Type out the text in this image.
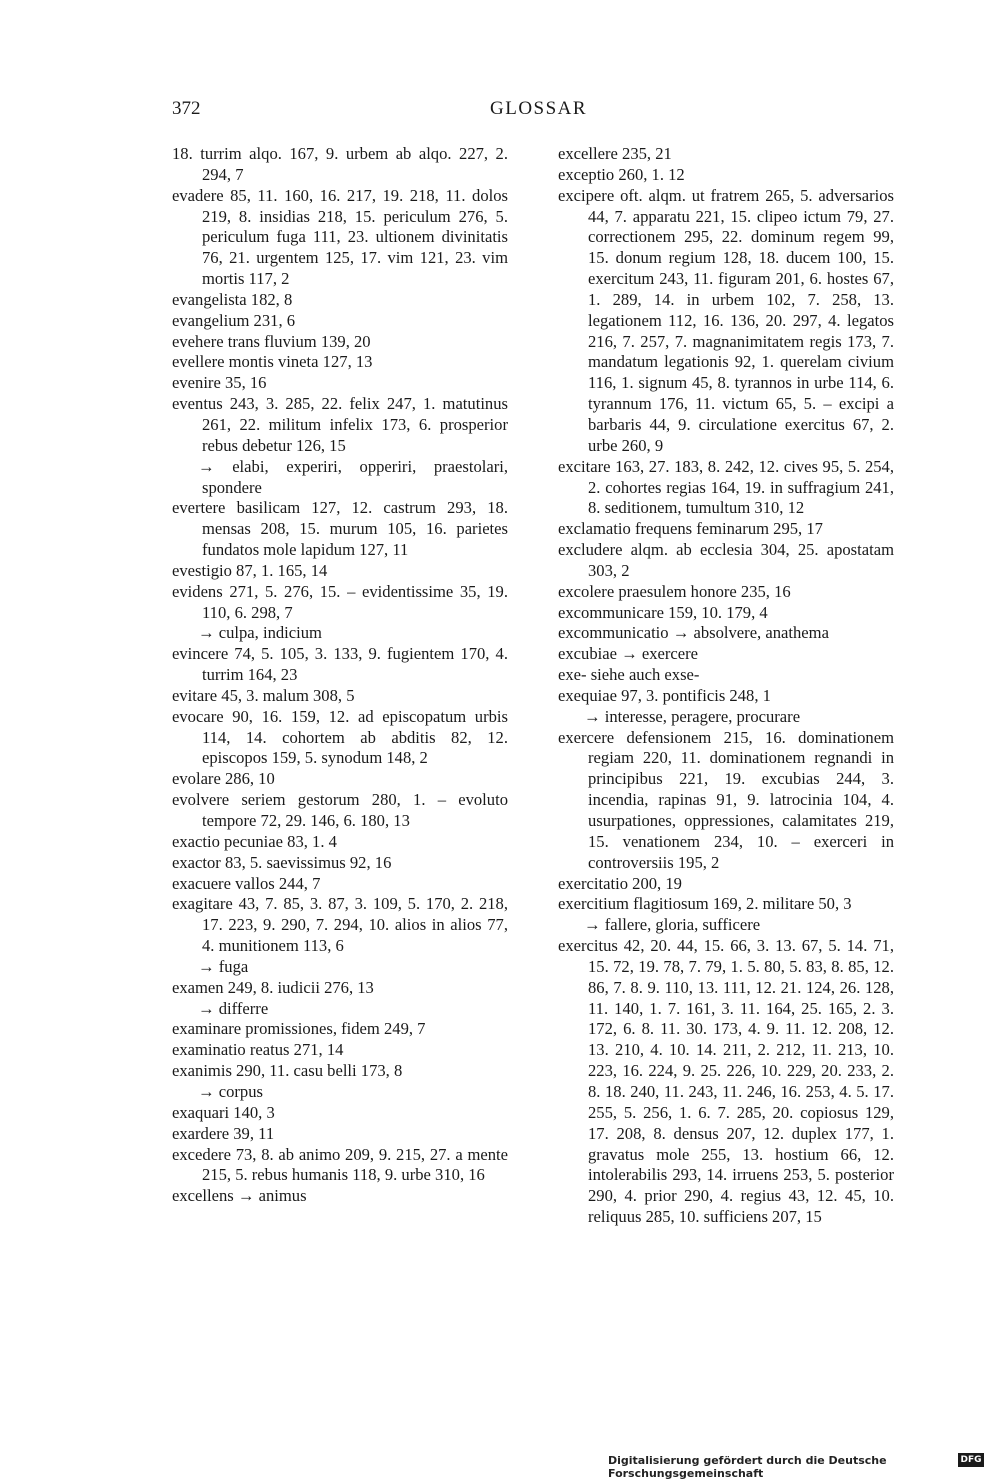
372	GLOSSAR

18. turrim alqo. 167, 9. urbem ab alqo. 227, 2. 294, 7

evadere 85, 11. 160, 16. 217, 19. 218, 11. dolos 219, 8. insidias 218, 15. periculum 276, 5. periculum fuga 111, 23. ultionem divinitatis 76, 21. urgentem 125, 17. vim 121, 23. vim mortis 117, 2

evangelista 182, 8

evangelium 231, 6

evehere trans fluvium 139, 20

evellere montis vineta 127, 13

evenire 35, 16

eventus 243, 3. 285, 22. felix 247, 1. matutinus 261, 22. militum infelix 173, 6. prosperior rebus debetur 126, 15

→ elabi, experiri, opperiri, praestolari, spondere

evertere basilicam 127, 12. castrum 293, 18. mensas 208, 15. murum 105, 16. parietes fundatos mole lapidum 127, 11

evestigio 87, 1. 165, 14

evidens 271, 5. 276, 15. – evidentissime 35, 19. 110, 6. 298, 7

→ culpa, indicium

evincere 74, 5. 105, 3. 133, 9. fugientem 170, 4. turrim 164, 23

evitare 45, 3. malum 308, 5

evocare 90, 16. 159, 12. ad episcopatum urbis 114, 14. cohortem ab abditis 82, 12. episcopos 159, 5. synodum 148, 2

evolare 286, 10

evolvere seriem gestorum 280, 1. – evoluto tempore 72, 29. 146, 6. 180, 13

exactio pecuniae 83, 1. 4

exactor 83, 5. saevissimus 92, 16

exacuere vallos 244, 7

exagitare 43, 7. 85, 3. 87, 3. 109, 5. 170, 2. 218, 17. 223, 9. 290, 7. 294, 10. alios in alios 77, 4. munitionem 113, 6

→ fuga

examen 249, 8. iudicii 276, 13

→ differre

examinare promissiones, fidem 249, 7

examinatio reatus 271, 14

exanimis 290, 11. casu belli 173, 8

→ corpus

exaquari 140, 3

exardere 39, 11

excedere 73, 8. ab animo 209, 9. 215, 27. a mente 215, 5. rebus humanis 118, 9. urbe 310, 16

excellens → animus

excellere 235, 21

exceptio 260, 1. 12

excipere oft. alqm. ut fratrem 265, 5. adversarios 44, 7. apparatu 221, 15. clipeo ictum 79, 27. correctionem 295, 22. dominum regem 99, 15. donum regium 128, 18. ducem 100, 15. exercitum 243, 11. figuram 201, 6. hostes 67, 1. 289, 14. in urbem 102, 7. 258, 13. legationem 112, 16. 136, 20. 297, 4. legatos 216, 7. 257, 7. magnanimitatem regis 173, 7. mandatum legationis 92, 1. querelam civium 116, 1. signum 45, 8. tyrannos in urbe 114, 6. tyrannum 176, 11. victum 65, 5. – excipi a barbaris 44, 9. circulatione exercitus 67, 2. urbe 260, 9

excitare 163, 27. 183, 8. 242, 12. cives 95, 5. 254, 2. cohortes regias 164, 19. in suffragium 241, 8. seditionem, tumultum 310, 12

exclamatio frequens feminarum 295, 17

excludere alqm. ab ecclesia 304, 25. apostatam 303, 2

excolere praesulem honore 235, 16

excommunicare 159, 10. 179, 4

excommunicatio → absolvere, anathema

excubiae → exercere

exe- siehe auch exse-

exequiae 97, 3. pontificis 248, 1

→ interesse, peragere, procurare

exercere defensionem 215, 16. dominationem regiam 220, 11. dominationem regnandi in principibus 221, 19. excubias 244, 3. incendia, rapinas 91, 9. latrocinia 104, 4. usurpationes, oppressiones, calamitates 219, 15. venationem 234, 10. – exerceri in controversiis 195, 2

exercitatio 200, 19

exercitium flagitiosum 169, 2. militare 50, 3

→ fallere, gloria, sufficere

exercitus 42, 20. 44, 15. 66, 3. 13. 67, 5. 14. 71, 15. 72, 19. 78, 7. 79, 1. 5. 80, 5. 83, 8. 85, 12. 86, 7. 8. 9. 110, 13. 111, 12. 21. 124, 26. 128, 11. 140, 1. 7. 161, 3. 11. 164, 25. 165, 2. 3. 172, 6. 8. 11. 30. 173, 4. 9. 11. 12. 208, 12. 13. 210, 4. 10. 14. 211, 2. 212, 11. 213, 10. 223, 16. 224, 9. 25. 226, 10. 229, 20. 233, 2. 8. 18. 240, 11. 243, 11. 246, 16. 253, 4. 5. 17. 255, 5. 256, 1. 6. 7. 285, 20. copiosus 129, 17. 208, 8. densus 207, 12. duplex 177, 1. gravatus mole 255, 13. hostium 66, 12. intolerabilis 293, 14. irruens 253, 5. posterior 290, 4. prior 290, 4. regius 43, 12. 45, 10. reliquus 285, 10. sufficiens 207, 15

Digitalisierung gefördert durch die Deutsche Forschungsgemeinschaft
DFG
